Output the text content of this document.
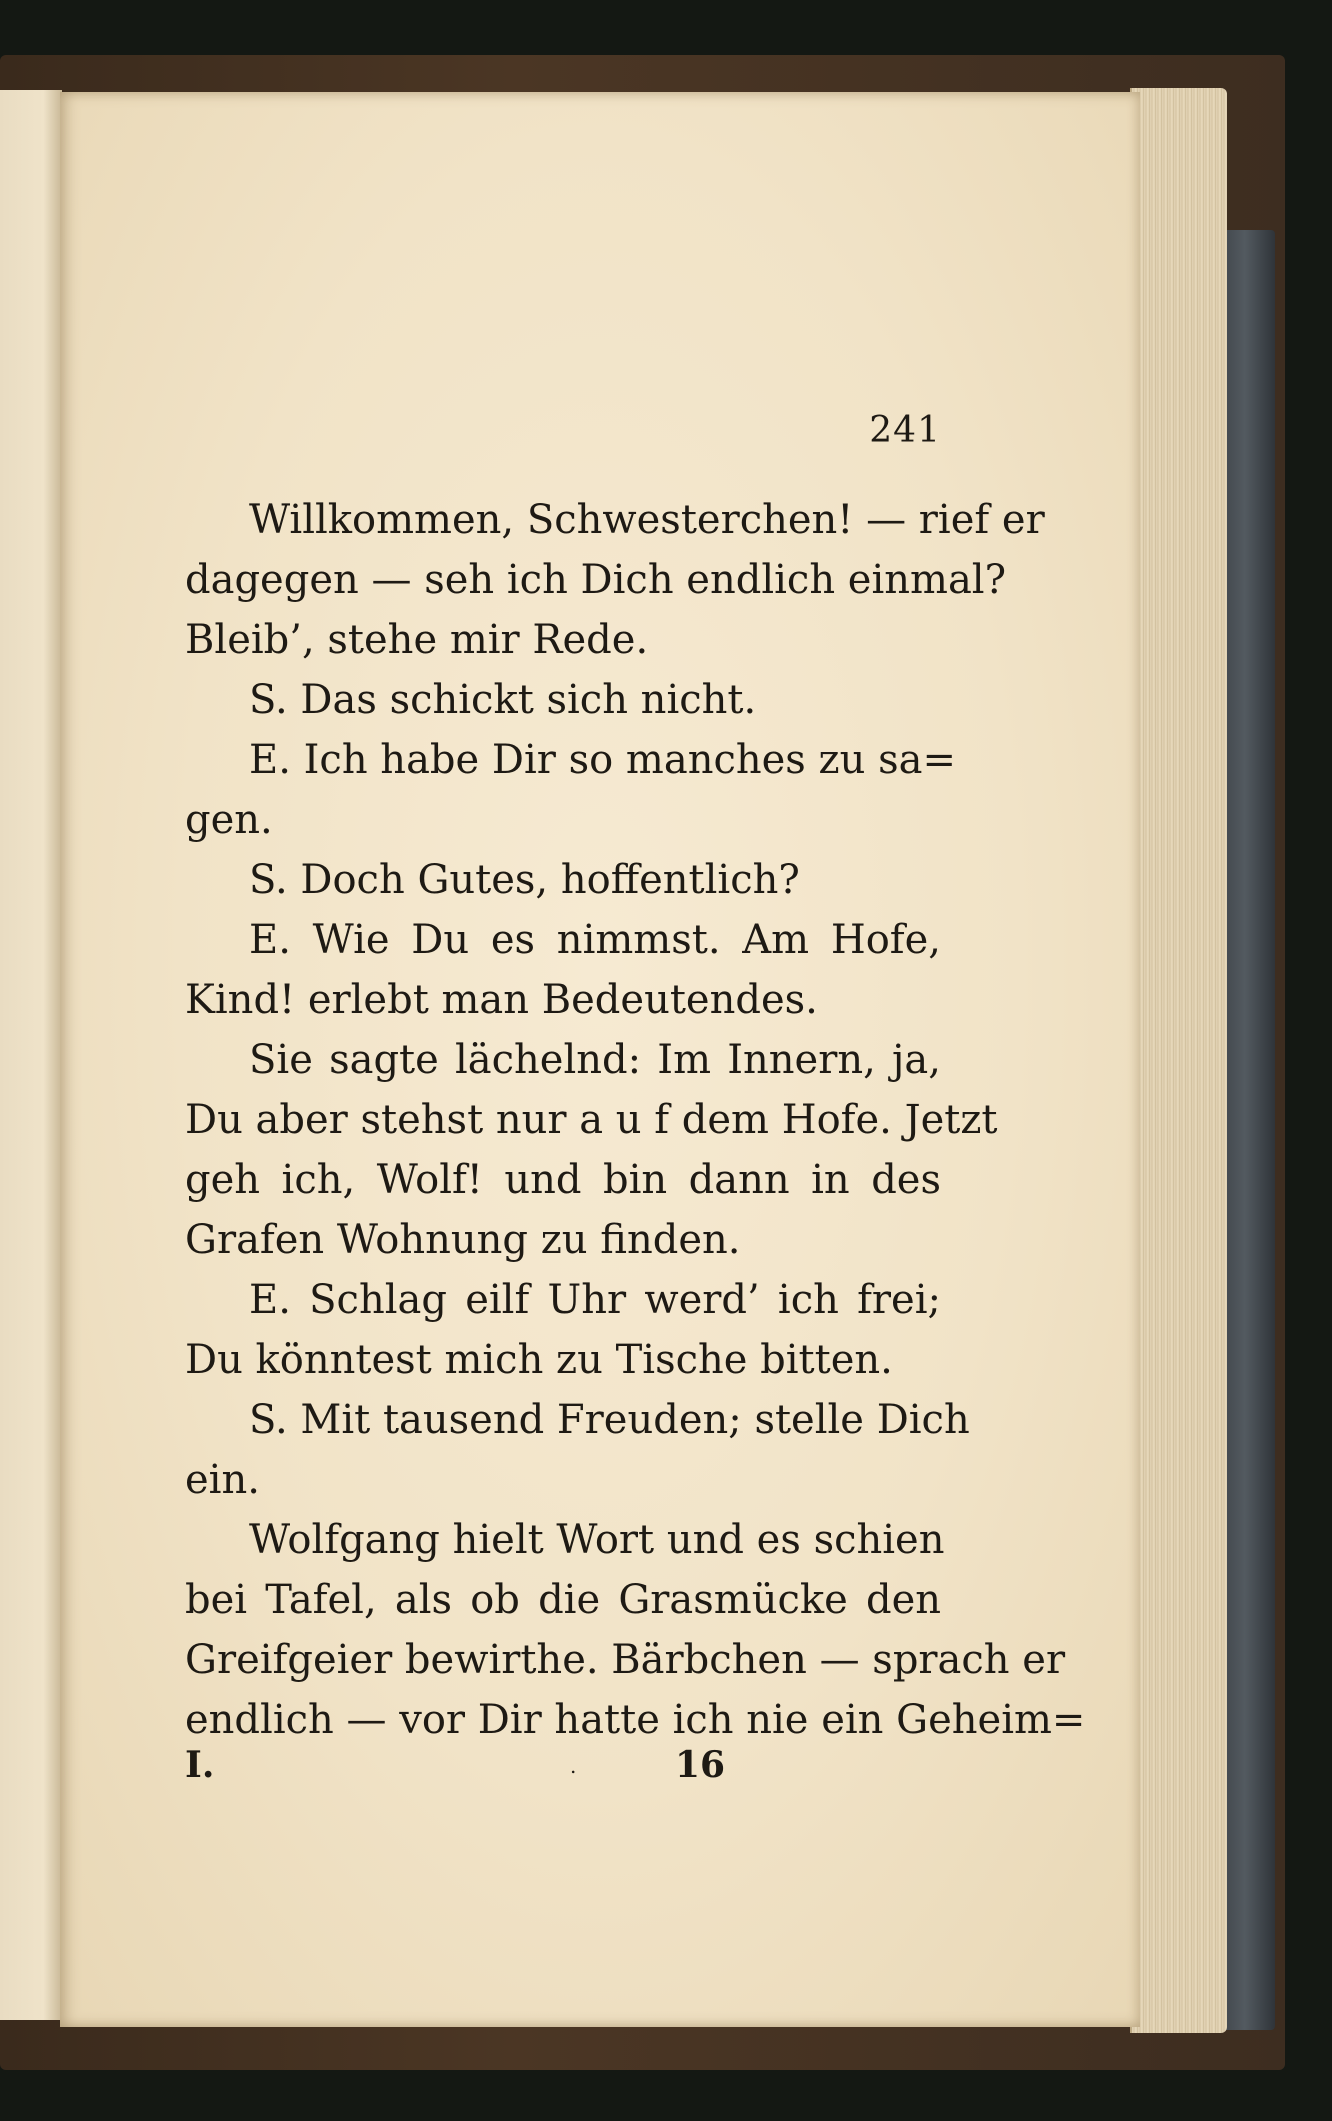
241
Willkommen, Schwesterchen! — rief er
dagegen — seh ich Dich endlich einmal?
Bleib’, stehe mir Rede.
S. Das schickt sich nicht.
E. Ich habe Dir so manches zu sa=
gen.
S. Doch Gutes, hoffentlich?
E. Wie Du es nimmst. Am Hofe,
Kind! erlebt man Bedeutendes.
Sie sagte lächelnd: Im Innern, ja,
Du aber stehst nur a u f dem Hofe. Jetzt
geh ich, Wolf! und bin dann in des
Grafen Wohnung zu finden.
E. Schlag eilf Uhr werd’ ich frei;
Du könntest mich zu Tische bitten.
S. Mit tausend Freuden; stelle Dich
ein.
Wolfgang hielt Wort und es schien
bei Tafel, als ob die Grasmücke den
Greifgeier bewirthe. Bärbchen — sprach er
endlich — vor Dir hatte ich nie ein Geheim=
I.	.	16
